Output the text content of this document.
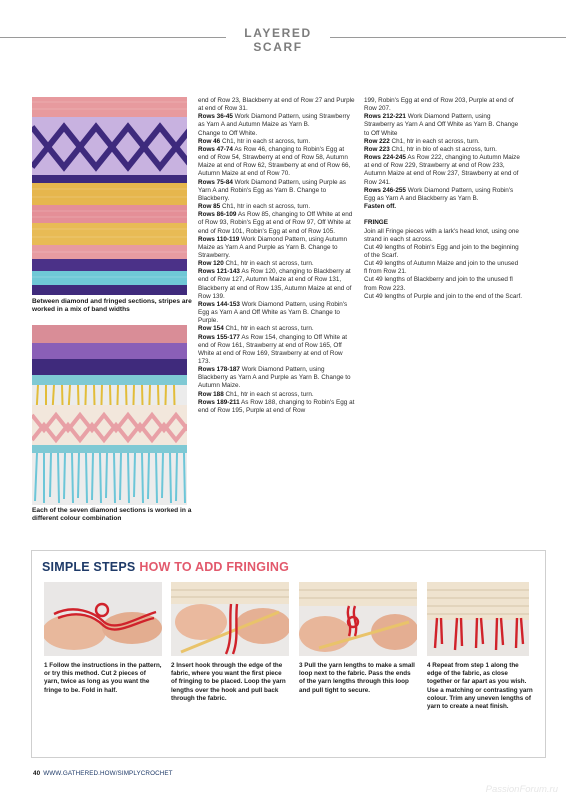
LAYERED SCARF
Between diamond and fringed sections, stripes are worked in a mix of band widths
Each of the seven diamond sections is worked in a different colour combination

end of Row 23, Blackberry at end of Row 27 and Purple at end of Row 31.

Rows 36-45 Work Diamond Pattern, using Strawberry as Yarn A and Autumn Maize as Yarn B.

Change to Off White.

Row 46 Ch1, htr in each st across, turn.

Rows 47-74 As Row 46, changing to Robin's Egg at end of Row 54, Strawberry at end of Row 58, Autumn Maize at end of Row 62, Strawberry at end of Row 66, Autumn Maize at end of Row 70.

Rows 75-84 Work Diamond Pattern, using Purple as Yarn A and Robin's Egg as Yarn B. Change to Blackberry.

Row 85 Ch1, htr in each st across, turn.

Rows 86-109 As Row 85, changing to Off White at end of Row 93, Robin's Egg at end of Row 97, Off White at end of Row 101, Robin's Egg at end of Row 105.

Rows 110-119 Work Diamond Pattern, using Autumn Maize as Yarn A and Purple as Yarn B. Change to Strawberry.

Row 120 Ch1, htr in each st across, turn.

Rows 121-143 As Row 120, changing to Blackberry at end of Row 127, Autumn Maize at end of Row 131, Blackberry at end of Row 135, Autumn Maize at end of Row 139.

Rows 144-153 Work Diamond Pattern, using Robin's Egg as Yarn A and Off White as Yarn B. Change to Purple.

Row 154 Ch1, htr in each st across, turn.

Rows 155-177 As Row 154, changing to Off White at end of Row 161, Strawberry at end of Row 165, Off White at end of Row 169, Strawberry at end of Row 173.

Rows 178-187 Work Diamond Pattern, using Blackberry as Yarn A and Purple as Yarn B. Change to Autumn Maize.

Row 188 Ch1, htr in each st across, turn.

Rows 189-211 As Row 188, changing to Robin's Egg at end of Row 195, Purple at end of Row

199, Robin's Egg at end of Row 203, Purple at end of Row 207.

Rows 212-221 Work Diamond Pattern, using Strawberry as Yarn A and Off White as Yarn B. Change to Off White

Row 222 Ch1, htr in each st across, turn.

Row 223 Ch1, htr in blo of each st across, turn.

Rows 224-245 As Row 222, changing to Autumn Maize at end of Row 229, Strawberry at end of Row 233, Autumn Maize at end of Row 237, Strawberry at end of Row 241.

Rows 246-255 Work Diamond Pattern, using Robin's Egg as Yarn A and Blackberry as Yarn B.

Fasten off.

FRINGE

Join all Fringe pieces with a lark's head knot, using one strand in each st across.

Cut 49 lengths of Robin's Egg and join to the beginning of the Scarf.

Cut 49 lengths of Autumn Maize and join to the unused fl from Row 21.

Cut 49 lengths of Blackberry and join to the unused fl from Row 223.

Cut 49 lengths of Purple and join to the end of the Scarf.

SIMPLE STEPS HOW TO ADD FRINGING
1 Follow the instructions in the pattern, or try this method. Cut 2 pieces of yarn, twice as long as you want the fringe to be. Fold in half.
2 Insert hook through the edge of the fabric, where you want the first piece of fringing to be placed. Loop the yarn lengths over the hook and pull back through the fabric.
3 Pull the yarn lengths to make a small loop next to the fabric. Pass the ends of the yarn lengths through this loop and pull tight to secure.
4 Repeat from step 1 along the edge of the fabric, as close together or far apart as you wish. Use a matching or contrasting yarn colour. Trim any uneven lengths of yarn to create a neat finish.
40 WWW.GATHERED.HOW/SIMPLYCROCHET
PassionForum.ru
